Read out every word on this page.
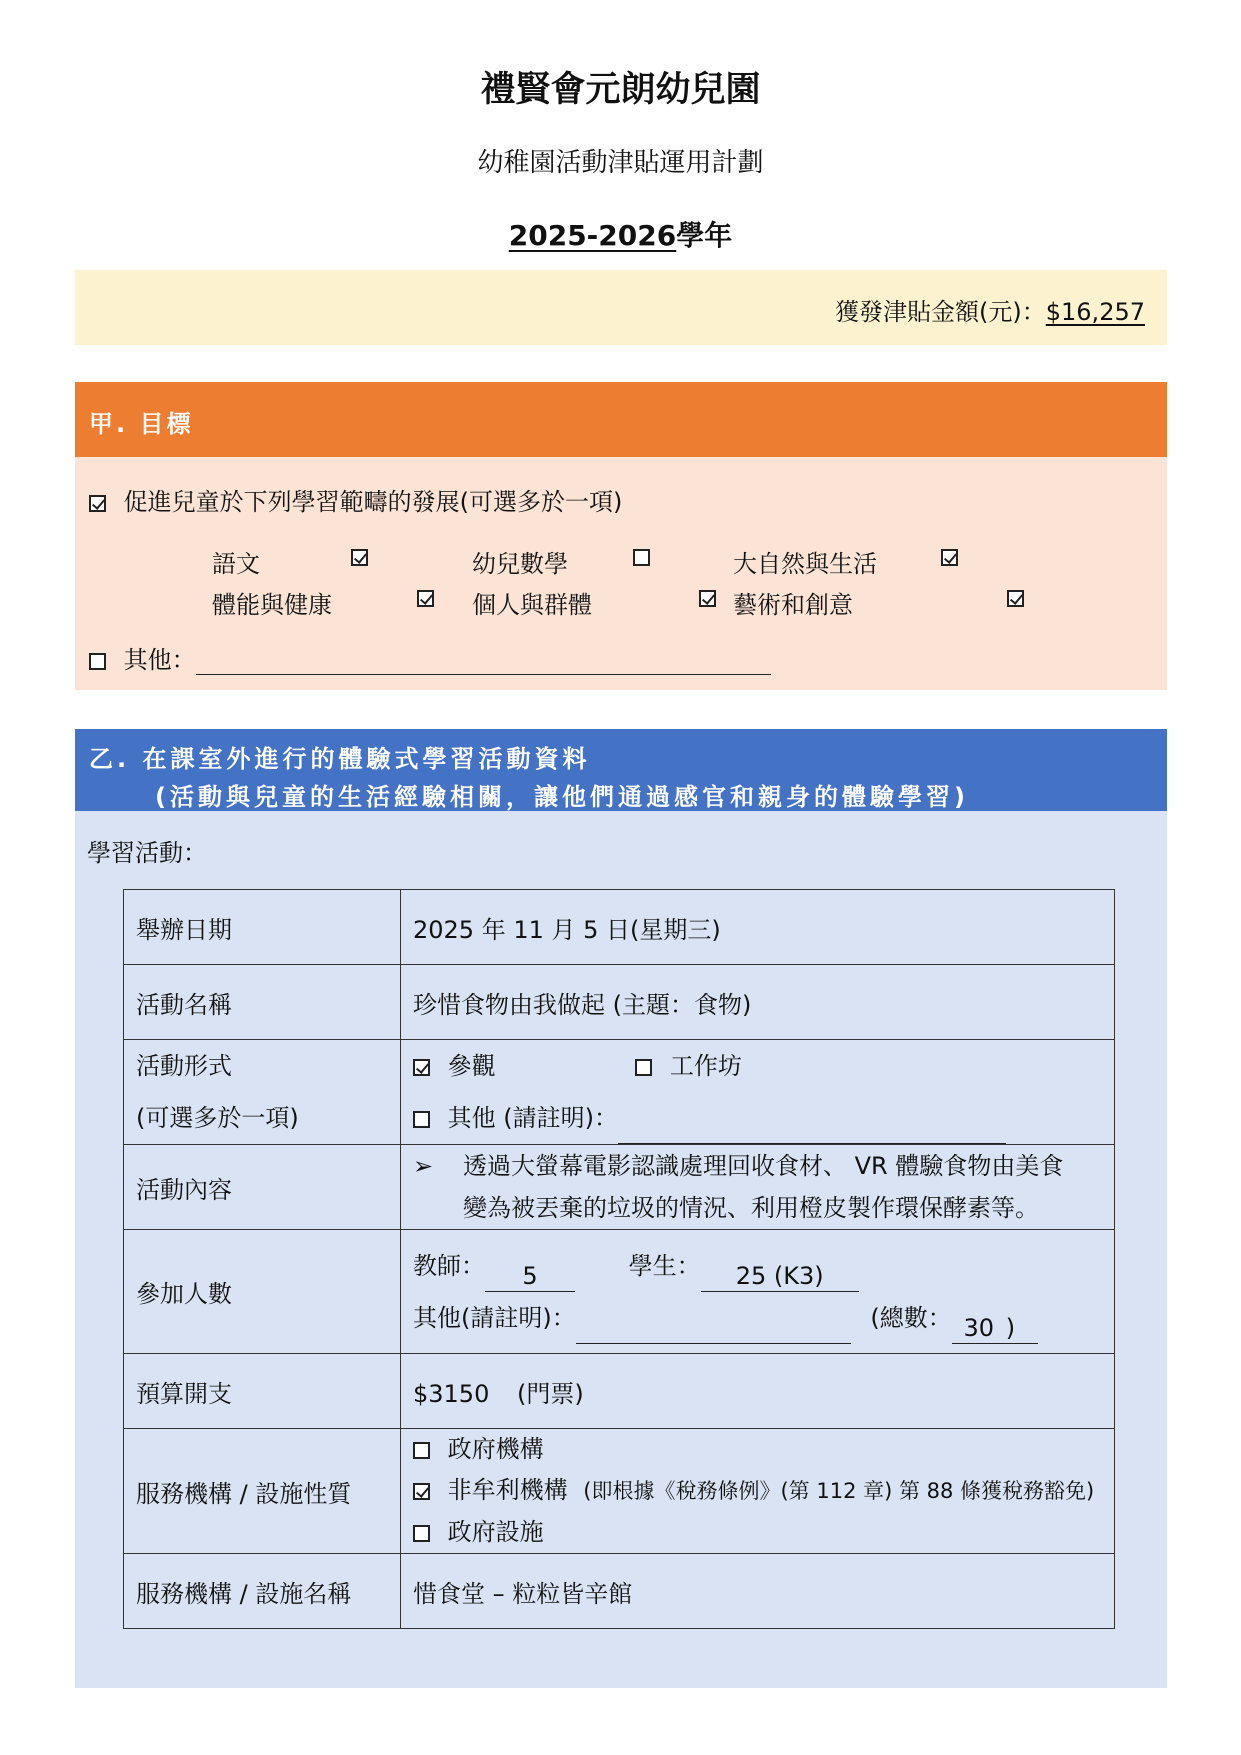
禮賢會元朗幼兒園
幼稚園活動津貼運用計劃
2025-2026學年
獲發津貼金額(元)：$16,257
甲. 目標
促進兒童於下列學習範疇的發展(可選多於一項)
語文
	幼兒數學
	大自然與生活

體能與健康
	個人與群體
	藝術和創意
其他：
乙. 在課室外進行的體驗式學習活動資料
(活動與兒童的生活經驗相關，讓他們通過感官和親身的體驗學習)
學習活動：
舉辦日期	2025 年 11 月 5 日(星期三)
活動名稱	珍惜食物由我做起 (主題：食物)

活動形式
(可選多於一項)	參觀 工作坊
其他 (請註明)：

活動內容	➢ 透過大螢幕電影認識處理回收食材、 VR 體驗食物由美食
變為被丟棄的垃圾的情況、利用橙皮製作環保酵素等。

參加人數	教師： 5 學生： 25 (K3)
其他(請註明)： (總數： 30 )

預算開支	$3150 (門票)
服務機構 / 設施性質	政府機構
非牟利機構 (即根據《稅務條例》(第 112 章) 第 88 條獲稅務豁免)
政府設施

服務機構 / 設施名稱	惜食堂 – 粒粒皆辛館
